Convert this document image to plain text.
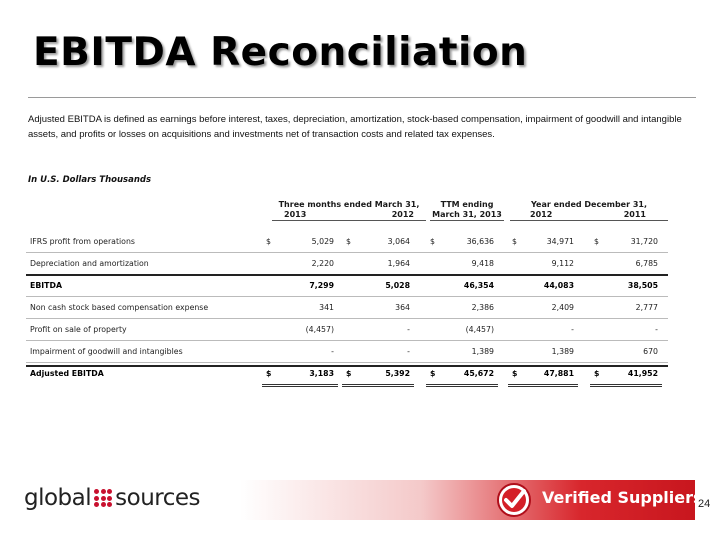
EBITDA Reconciliation
Adjusted EBITDA is defined as earnings before interest, taxes, depreciation, amortization, stock-based compensation, impairment of goodwill and intangible assets, and profits or losses on acquisitions and investments net of transaction costs and related tax expenses.
In U.S. Dollars Thousands
Three months ended March 31,
2013	2012
TTM ending
March 31, 2013
Year ended December 31,
2012	2011
IFRS profit from operations	$	5,029 $	3,064	$	36,636 $	34,971	$	31,720
Depreciation and amortization	2,220	1,964	9,418	9,112	6,785
EBITDA	7,299	5,028	46,354	44,083	38,505
Non cash stock based compensation expense	341	364	2,386	2,409	2,777
Profit on sale of property	(4,457)	-	(4,457)	-	-
Impairment of goodwill and intangibles	-	-	1,389	1,389	670
Adjusted EBITDA	$	3,183 $	5,392	$	45,672 $	47,881	$	41,952
global sources	Verified Suppliers
24
